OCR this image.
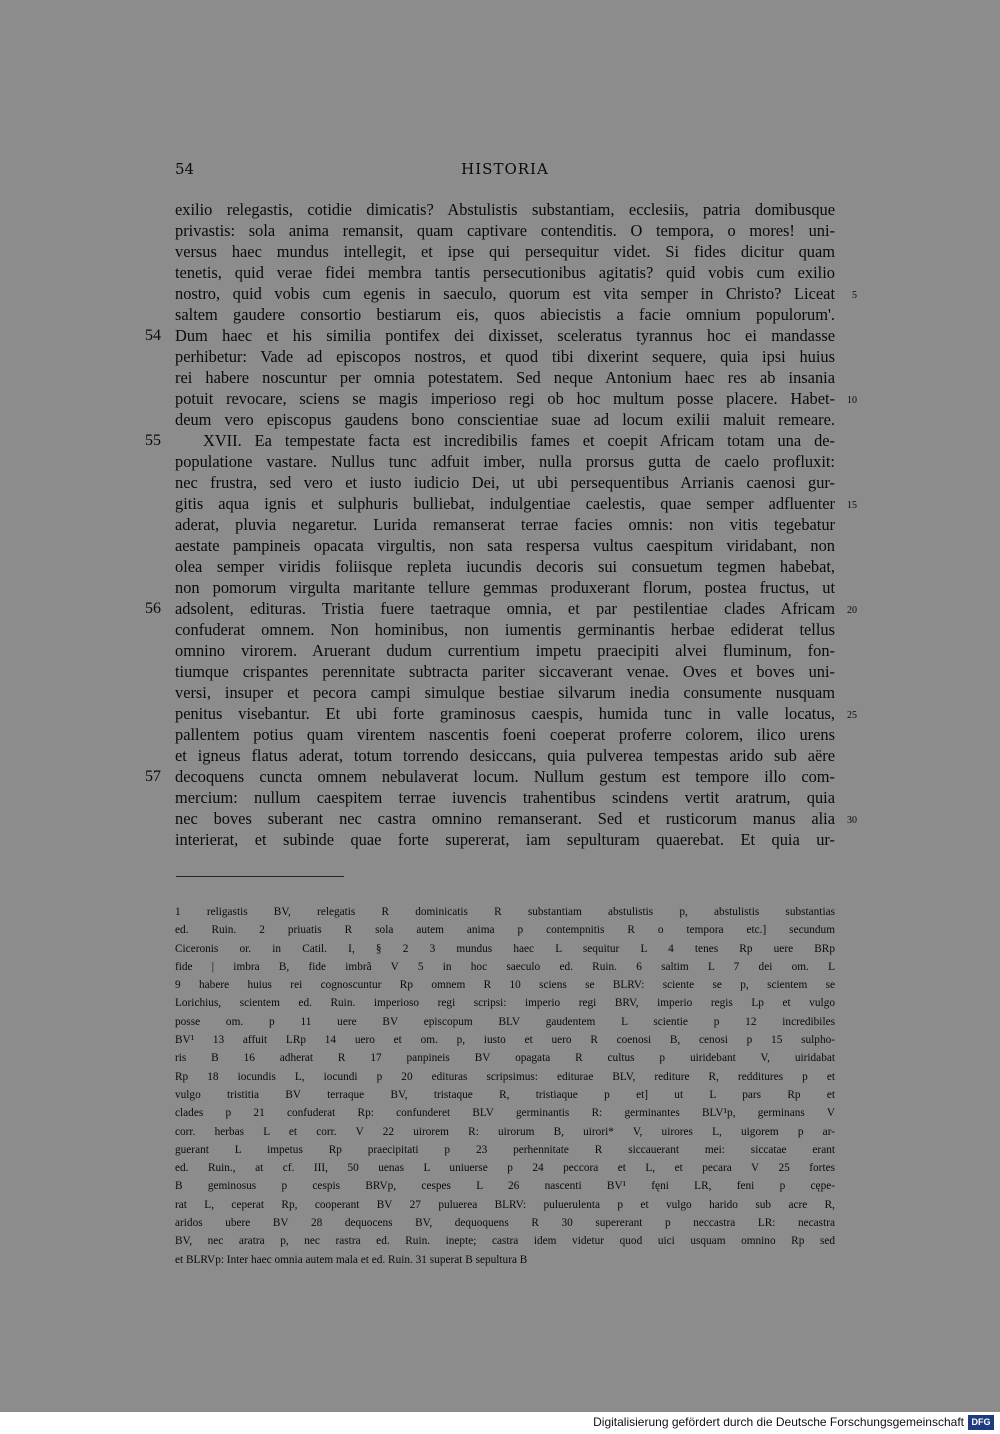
54	HISTORIA
exilio relegastis, cotidie dimicatis? Abstulistis substantiam, ecclesiis, patria domibusque
privastis: sola anima remansit, quam captivare contenditis. O tempora, o mores! uni-
versus haec mundus intellegit, et ipse qui persequitur videt. Si fides dicitur quam
tenetis, quid verae fidei membra tantis persecutionibus agitatis? quid vobis cum exilio
nostro, quid vobis cum egenis in saeculo, quorum est vita semper in Christo? Liceat 5
saltem gaudere consortio bestiarum eis, quos abiecistis a facie omnium populorum'.
Dum haec et his similia pontifex dei dixisset, sceleratus tyrannus hoc ei mandasse
54
perhibetur: Vade ad episcopos nostros, et quod tibi dixerint sequere, quia ipsi huius
rei habere noscuntur per omnia potestatem. Sed neque Antonium haec res ab insania
potuit revocare, sciens se magis imperioso regi ob hoc multum posse placere. Habet- 10
deum vero episcopus gaudens bono conscientiae suae ad locum exilii maluit remeare.
XVII. Ea tempestate facta est incredibilis fames et coepit Africam totam una de-
55
populatione vastare. Nullus tunc adfuit imber, nulla prorsus gutta de caelo profluxit:
nec frustra, sed vero et iusto iudicio Dei, ut ubi persequentibus Arrianis caenosi gur-
gitis aqua ignis et sulphuris bulliebat, indulgentiae caelestis, quae semper adfluenter 15
aderat, pluvia negaretur. Lurida remanserat terrae facies omnis: non vitis tegebatur
aestate pampineis opacata virgultis, non sata respersa vultus caespitum viridabant, non
olea semper viridis foliisque repleta iucundis decoris sui consuetum tegmen habebat,
non pomorum virgulta maritante tellure gemmas produxerant florum, postea fructus, ut
adsolent, edituras. Tristia fuere taetraque omnia, et par pestilentiae clades Africam
56	20
confuderat omnem. Non hominibus, non iumentis germinantis herbae ediderat tellus
omnino virorem. Aruerant dudum currentium impetu praecipiti alvei fluminum, fon-
tiumque crispantes perennitate subtracta pariter siccaverant venae. Oves et boves uni-
versi, insuper et pecora campi simulque bestiae silvarum inedia consumente nusquam
penitus visebantur. Et ubi forte graminosus caespis, humida tunc in valle locatus, 25
pallentem potius quam virentem nascentis foeni coeperat proferre colorem, ilico urens
et igneus flatus aderat, totum torrendo desiccans, quia pulverea tempestas arido sub aëre
decoquens cuncta omnem nebulaverat locum. Nullum gestum est tempore illo com-
57
mercium: nullum caespitem terrae iuvencis trahentibus scindens vertit aratrum, quia
nec boves suberant nec castra omnino remanserant. Sed et rusticorum manus alia 30
interierat, et subinde quae forte supererat, iam sepulturam quaerebat. Et quia ur-
1 religastis BV, relegatis R dominicatis R substantiam abstulistis p, abstulistis substantias
ed. Ruin. 2 priuatis R sola autem anima p contempnitis R o tempora etc.] secundum
Ciceronis or. in Catil. I, § 2 3 mundus haec L sequitur L 4 tenes Rp uere BRp
fide | imbra B, fide imbrã V 5 in hoc saeculo ed. Ruin. 6 saltim L 7 dei om. L
9 habere huius rei cognoscuntur Rp omnem R 10 sciens se BLRV: sciente se p, scientem se
Lorichius, scientem ed. Ruin. imperioso regi scripsi: imperio regi BRV, imperio regis Lp et vulgo
posse om. p 11 uere BV episcopum BLV gaudentem L scientie p 12 incredibiles
BV¹ 13 affuit LRp 14 uero et om. p, iusto et uero R coenosi B, cenosi p 15 sulpho-
ris B 16 adherat R 17 panpineis BV opagata R cultus p uiridebant V, uiridabat
Rp 18 iocundis L, iocundi p 20 edituras scripsimus: editurae BLV, rediture R, redditures p et
vulgo tristitia BV terraque BV, tristaque R, tristiaque p et] ut L pars Rp et
clades p 21 confuderat Rp: confunderet BLV germinantis R: germinantes BLV¹p, germinans V
corr. herbas L et corr. V 22 uirorem R: uirorum B, uirori* V, uirores L, uigorem p ar-
guerant L impetus Rp praecipitati p 23 perhennitate R siccauerant mei: siccatae erant
ed. Ruin., at cf. III, 50 uenas L uniuerse p 24 peccora et L, et pecara V 25 fortes
B geminosus p cespis BRVp, cespes L 26 nascenti BV¹ fęni LR, feni p cępe-
rat L, ceperat Rp, cooperant BV 27 puluerea BLRV: puluerulenta p et vulgo harido sub acre R,
aridos ubere BV 28 dequocens BV, dequoquens R 30 supererant p neccastra LR: necastra
BV, nec aratra p, nec rastra ed. Ruin. inepte; castra idem videtur quod uici usquam omnino Rp sed
et BLRVp: Inter haec omnia autem mala et ed. Ruin. 31 superat B sepultura B
Digitalisierung gefördert durch die Deutsche Forschungsgemeinschaft DFG
